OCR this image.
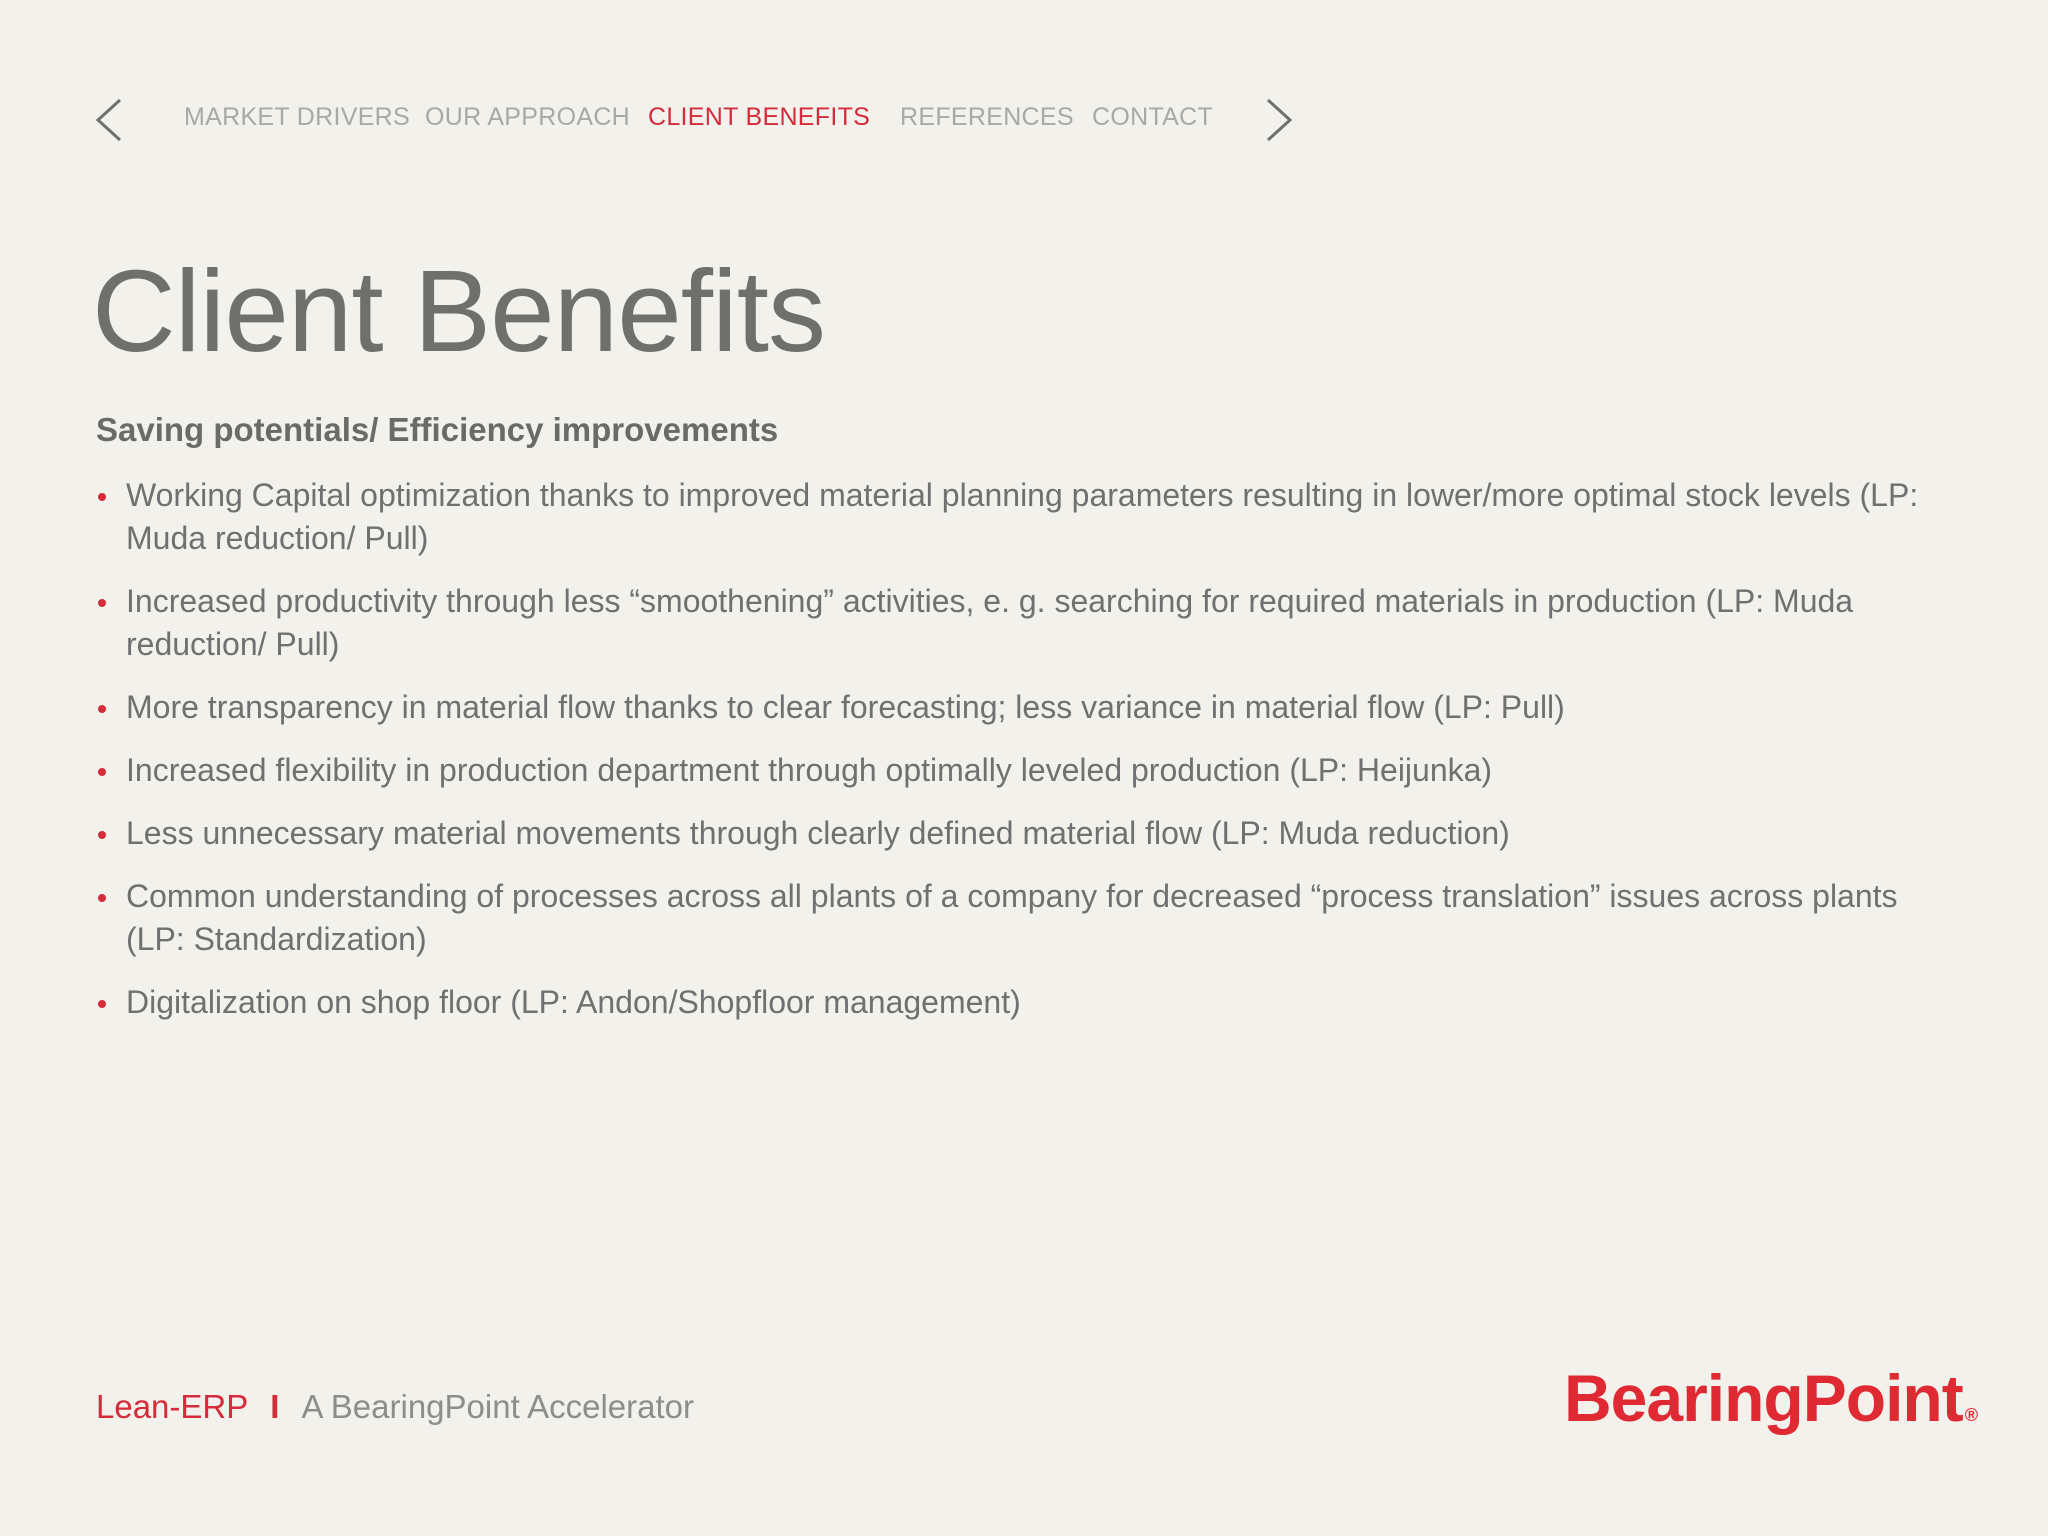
MARKET DRIVERS OUR APPROACH CLIENT BENEFITS REFERENCES CONTACT
Client Benefits
Saving potentials/ Efficiency improvements
Working Capital optimization thanks to improved material planning parameters resulting in lower/more optimal stock levels (LP: Muda reduction/ Pull)
Increased productivity through less “smoothening” activities, e. g. searching for required materials in production (LP: Muda reduction/ Pull)
More transparency in material flow thanks to clear forecasting; less variance in material flow (LP: Pull)
Increased flexibility in production department through optimally leveled production (LP: Heijunka)
Less unnecessary material movements through clearly defined material flow (LP: Muda reduction)
Common understanding of processes across all plants of a company for decreased “process translation” issues across plants (LP: Standardization)
Digitalization on shop floor (LP: Andon/Shopfloor management)
Lean-ERP I A BearingPoint Accelerator	BearingPoint ®
